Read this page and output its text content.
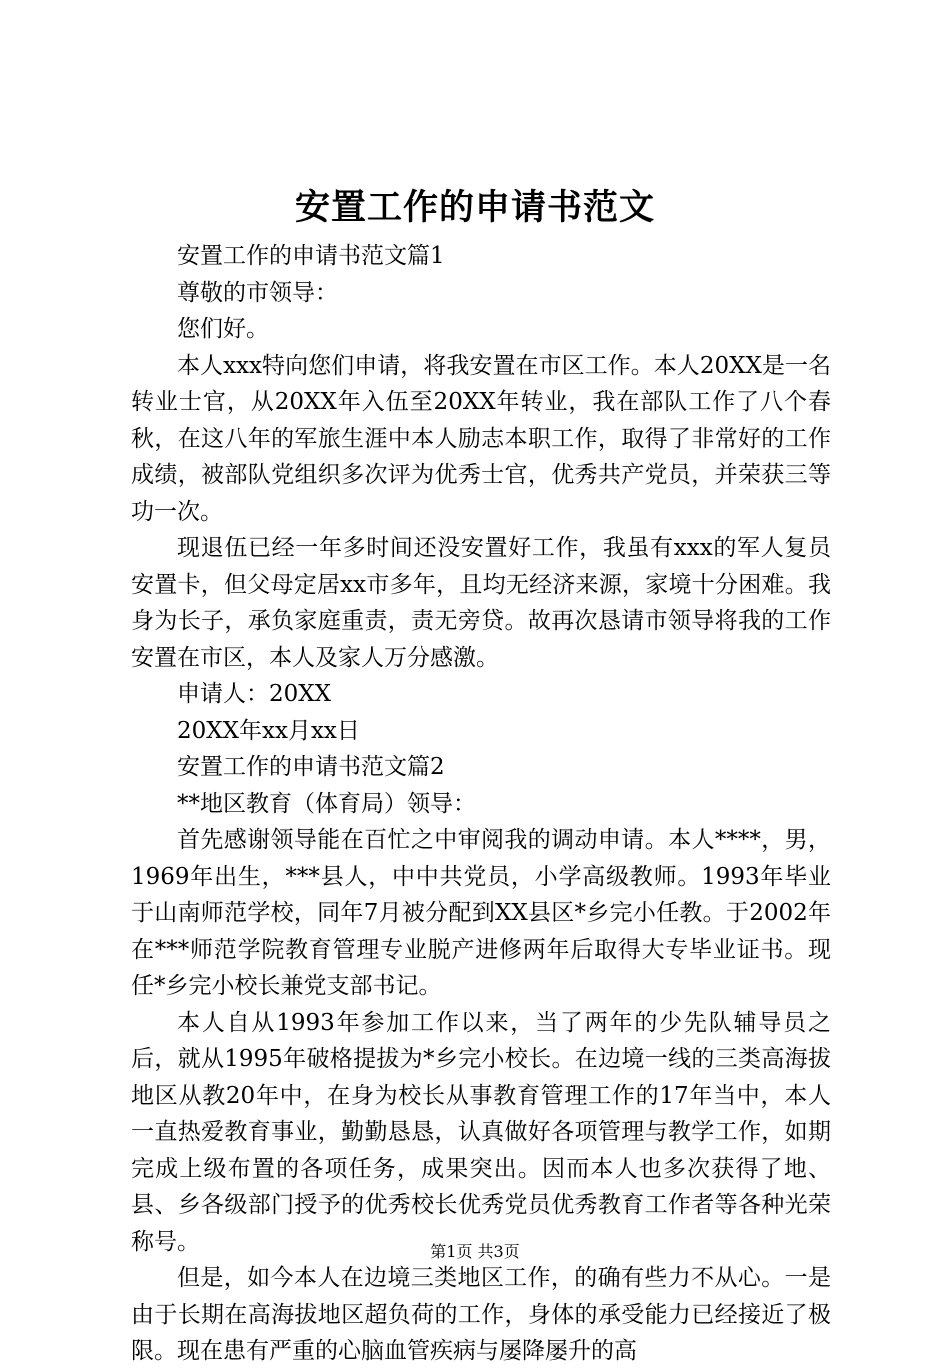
安置工作的申请书范文

安置工作的申请书范文篇1

尊敬的市领导：

您们好。

本人xxx特向您们申请，将我安置在市区工作。本人20XX是一名转业士官，从20XX年入伍至20XX年转业，我在部队工作了八个春秋，在这八年的军旅生涯中本人励志本职工作，取得了非常好的工作成绩，被部队党组织多次评为优秀士官，优秀共产党员，并荣获三等功一次。

现退伍已经一年多时间还没安置好工作，我虽有xxx的军人复员安置卡，但父母定居xx市多年，且均无经济来源，家境十分困难。我身为长子，承负家庭重责，责无旁贷。故再次恳请市领导将我的工作安置在市区，本人及家人万分感激。

申请人：20XX

20XX年xx月xx日

安置工作的申请书范文篇2

**地区教育（体育局）领导：

首先感谢领导能在百忙之中审阅我的调动申请。本人****，男，1969年出生，***县人，中中共党员，小学高级教师。1993年毕业于山南师范学校，同年7月被分配到XX县区*乡完小任教。于2002年在***师范学院教育管理专业脱产进修两年后取得大专毕业证书。现任*乡完小校长兼党支部书记。

本人自从1993年参加工作以来，当了两年的少先队辅导员之后，就从1995年破格提拔为*乡完小校长。在边境一线的三类高海拔地区从教20年中，在身为校长从事教育管理工作的17年当中，本人一直热爱教育事业，勤勤恳恳，认真做好各项管理与教学工作，如期完成上级布置的各项任务，成果突出。因而本人也多次获得了地、县、乡各级部门授予的优秀校长优秀党员优秀教育工作者等各种光荣称号。

但是，如今本人在边境三类地区工作，的确有些力不从心。一是由于长期在高海拔地区超负荷的工作，身体的承受能力已经接近了极限。现在患有严重的心脑血管疾病与屡降屡升的高

第1页 共3页
